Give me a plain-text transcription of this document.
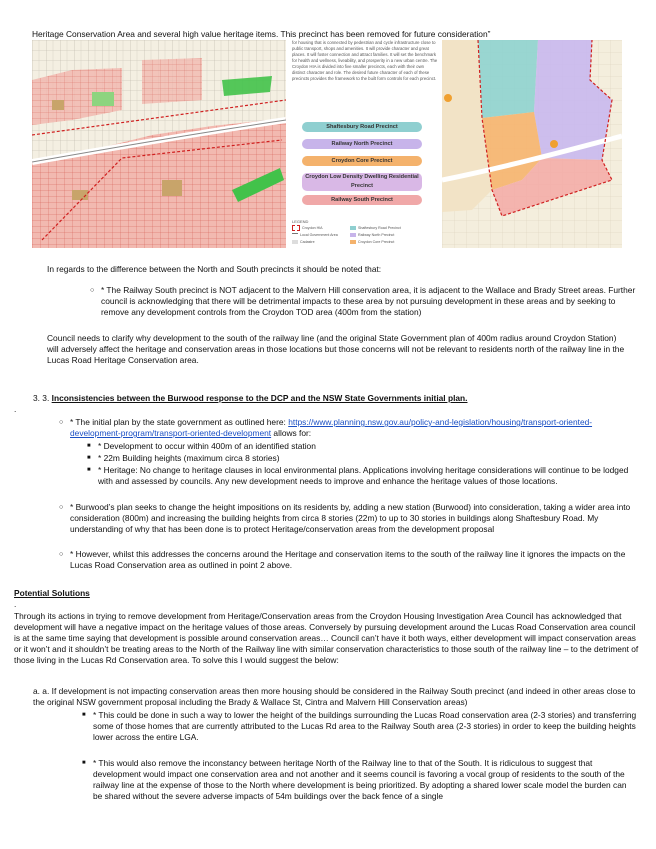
Heritage Conservation Area and several high value heritage items. This precinct has been removed for future consideration”

for housing that is connected by pedestrian and cycle infrastructure close to public transport, shops and amenities. It will provide character and great places. It will foster connection and attract families. It will set the benchmark for health and wellness, liveability, and prosperity in a new urban centre. The Croydon HIA is divided into five smaller precincts, each with their own distinct character and role. The desired future character of each of these precincts provides the framework to the built form controls for each precinct.

Shaftesbury Road Precinct
Railway North Precinct
Croydon Core Precinct
Croydon Low Density Dwelling Residential Precinct
Railway South Precinct
LEGEND
Croydon HIA
Local Government Area
Cadastre
Shaftesbury Road Precinct
Railway North Precinct
Croydon Core Precinct

In regards to the difference between the North and South precincts it should be noted that:

○ * The Railway South precinct is NOT adjacent to the Malvern Hill conservation area, it is adjacent to the Wallace and Brady Street areas. Further council is acknowledging that there will be detrimental impacts to these area by not pursuing development in these areas and by seeking to remove any development controls from the Croydon TOD area (400m from the station)

Council needs to clarify why development to the south of the railway line (and the original State Government plan of 400m radius around Croydon Station) will adversely affect the heritage and conservation areas in those locations but those concerns will not be relevant to residents north of the railway line in the Lucas Road Heritage Conservation area.

3. 3. Inconsistencies between the Burwood response to the DCP and the NSW State Governments initial plan.
.
○ * The initial plan by the state government as outlined here: https://www.planning.nsw.gov.au/policy-and-legislation/housing/transport-oriented-development-program/transport-oriented-development allows for:
■ * Development to occur within 400m of an identified station
■ * 22m Building heights (maximum circa 8 stories)
■ * Heritage: No change to heritage clauses in local environmental plans. Applications involving heritage considerations will continue to be lodged with and assessed by councils. Any new development needs to improve and enhance the heritage values of those locations.
○ * Burwood’s plan seeks to change the height impositions on its residents by, adding a new station (Burwood) into consideration, taking a wider area into consideration (800m) and increasing the building heights from circa 8 stories (22m) to up to 30 stories in buildings along Shaftesbury Road. My understanding of why that has been done is to protect Heritage/conservation areas from the development proposal
○ * However, whilst this addresses the concerns around the Heritage and conservation items to the south of the railway line it ignores the impacts on the Lucas Road Conservation area as outlined in point 2 above.
Potential Solutions
.

Through its actions in trying to remove development from Heritage/Conservation areas from the Croydon Housing Investigation Area Council has acknowledged that development will have a negative impact on the heritage values of those areas. Conversely by pursuing development around the Lucas Road Conservation area council is at the same time saying that development is possible around conservation areas… Council can’t have it both ways, either development will impact conservation areas or it won’t and it shouldn’t be treating areas to the North of the Railway line with similar conservation characteristics to those south of the railway line – to the detriment of those living in the Lucas Rd Conservation area. To solve this I would suggest the below:

a. a. If development is not impacting conservation areas then more housing should be considered in the Railway South precinct (and indeed in other areas close to the original NSW government proposal including the Brady & Wallace St, Cintra and Malvern Hill Conservation areas)

■ * This could be done in such a way to lower the height of the buildings surrounding the Lucas Road conservation area (2-3 stories) and transferring some of those homes that are currently attributed to the Lucas Rd area to the Railway South area (2-3 stories) in order to keep the building heights lower across the entire LGA.
■ * This would also remove the inconstancy between heritage North of the Railway line to that of the South. It is ridiculous to suggest that development would impact one conservation area and not another and it seems council is favoring a vocal group of residents to the south of the railway line at the expense of those to the North where development is being prioritized. By adopting a shared lower scale model the burden can be shared without the severe adverse impacts of 54m buildings over the back fence of a single
